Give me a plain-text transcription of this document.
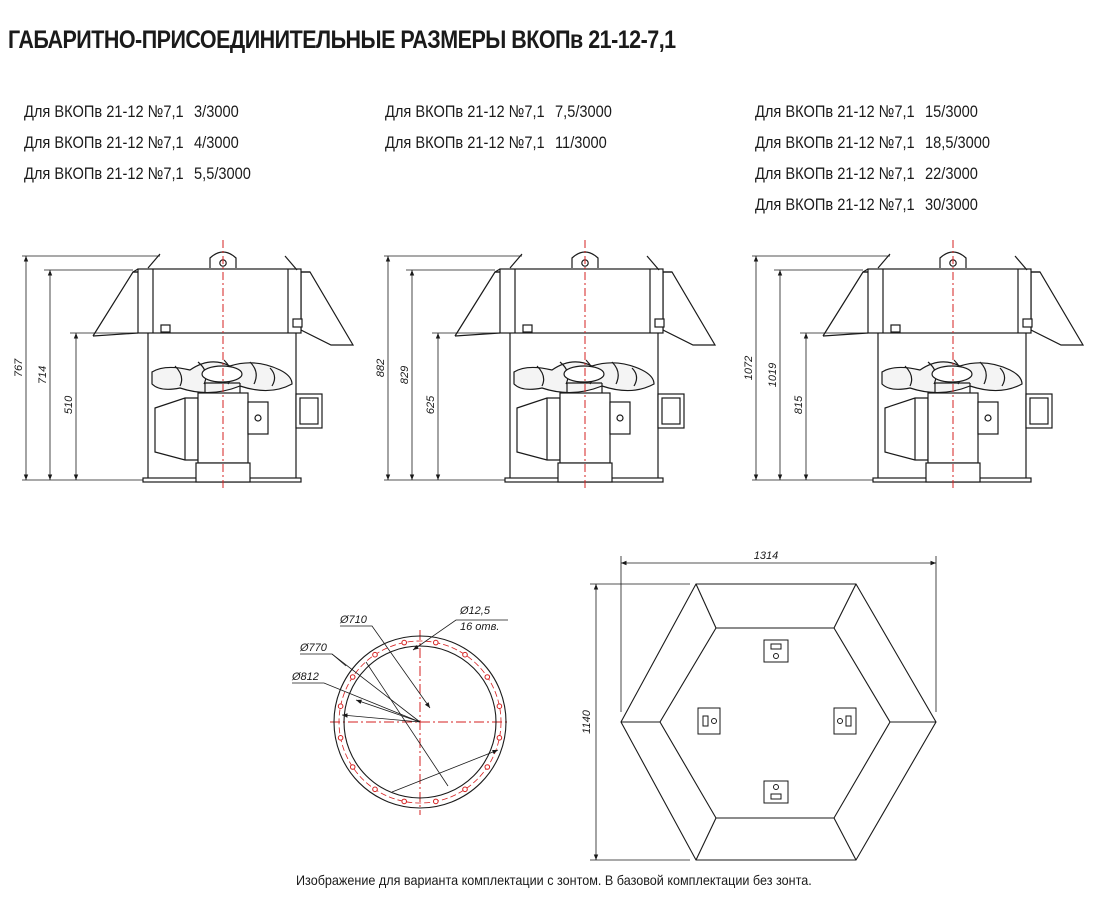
ГАБАРИТНО-ПРИСОЕДИНИТЕЛЬНЫЕ РАЗМЕРЫ ВКОПв 21-12-7,1
Для ВКОПв 21-12 №7,1 3/3000
Для ВКОПв 21-12 №7,1 4/3000
Для ВКОПв 21-12 №7,1 5,5/3000
Для ВКОПв 21-12 №7,1 7,5/3000
Для ВКОПв 21-12 №7,1 11/3000
Для ВКОПв 21-12 №7,1 15/3000
Для ВКОПв 21-12 №7,1 18,5/3000
Для ВКОПв 21-12 №7,1 22/3000
Для ВКОПв 21-12 №7,1 30/3000
767 714
510
882 829
625
1072 1019
815
Ø710
Ø770
Ø812
Ø12,5
16 отв.
1314
1140
Изображение для варианта комплектации с зонтом. В базовой комплектации без зонта.
